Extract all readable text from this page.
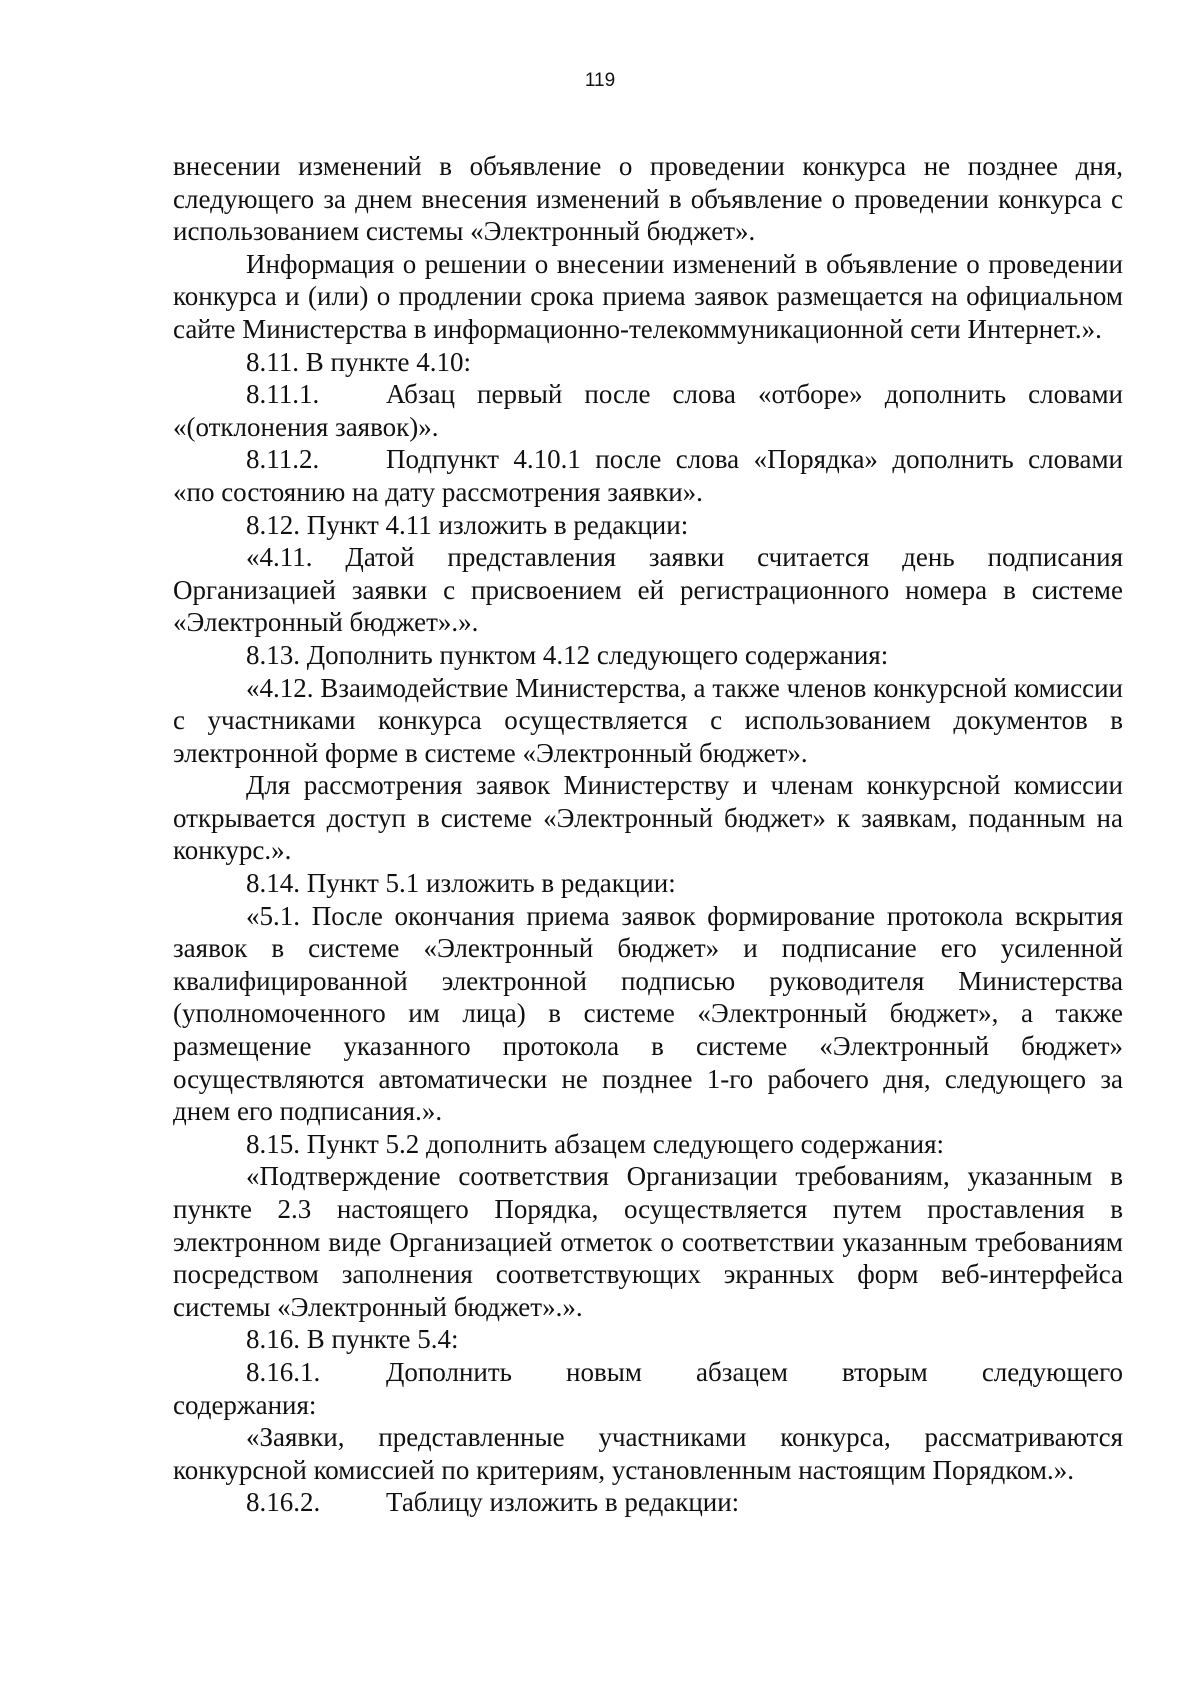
119

внесении изменений в объявление о проведении конкурса не позднее дня, следующего за днем внесения изменений в объявление о проведении конкурса с использованием системы «Электронный бюджет».

Информация о решении о внесении изменений в объявление о проведении конкурса и (или) о продлении срока приема заявок размещается на официальном сайте Министерства в информационно-телекоммуникационной сети Интернет.».

8.11. В пункте 4.10:

8.11.1.	Абзац первый после слова «отборе» дополнить словами

«(отклонения заявок)».

8.11.2.	Подпункт 4.10.1 после слова «Порядка» дополнить словами

«по состоянию на дату рассмотрения заявки».

8.12. Пункт 4.11 изложить в редакции:

«4.11. Датой представления заявки считается день подписания Организацией заявки с присвоением ей регистрационного номера в системе «Электронный бюджет».».

8.13. Дополнить пунктом 4.12 следующего содержания:

«4.12. Взаимодействие Министерства, а также членов конкурсной комиссии с участниками конкурса осуществляется с использованием документов в электронной форме в системе «Электронный бюджет».

Для рассмотрения заявок Министерству и членам конкурсной комиссии открывается доступ в системе «Электронный бюджет» к заявкам, поданным на конкурс.».

8.14. Пункт 5.1 изложить в редакции:

«5.1. После окончания приема заявок формирование протокола вскрытия заявок в системе «Электронный бюджет» и подписание его усиленной квалифицированной электронной подписью руководителя Министерства (уполномоченного им лица) в системе «Электронный бюджет», а также размещение указанного протокола в системе «Электронный бюджет» осуществляются автоматически не позднее 1-го рабочего дня, следующего за днем его подписания.».

8.15. Пункт 5.2 дополнить абзацем следующего содержания:

«Подтверждение соответствия Организации требованиям, указанным в пункте 2.3 настоящего Порядка, осуществляется путем проставления в электронном виде Организацией отметок о соответствии указанным требованиям посредством заполнения соответствующих экранных форм веб-интерфейса системы «Электронный бюджет».».

8.16. В пункте 5.4:

8.16.1.	Дополнить новым абзацем вторым следующего

содержания:

«Заявки, представленные участниками конкурса, рассматриваются конкурсной комиссией по критериям, установленным настоящим Порядком.».

8.16.2.	Таблицу изложить в редакции:
